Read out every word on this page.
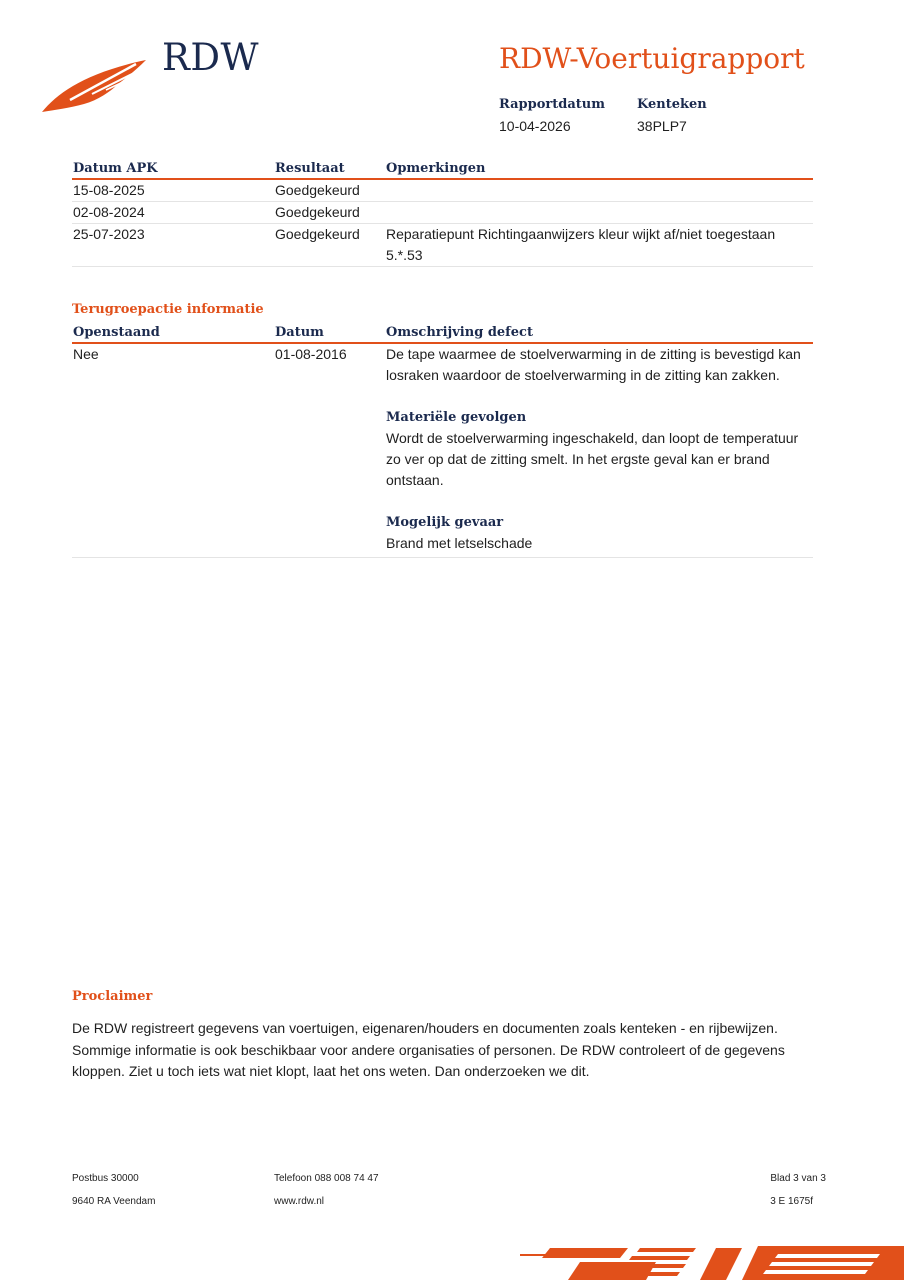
RDW	RDW-Voertuigrapport
Rapportdatum
10-04-2026
Kenteken
38PLP7
Datum APK	Resultaat	Opmerkingen
15-08-2025	Goedgekeurd	
02-08-2024	Goedgekeurd	
25-07-2023	Goedgekeurd	Reparatiepunt Richtingaanwijzers kleur wijkt af/niet toegestaan 5.*.53
Terugroepactie informatie
Openstaand	Datum	Omschrijving defect
Nee	01-08-2016	De tape waarmee de stoelverwarming in de zitting is bevestigd kan losraken waardoor de stoelverwarming in de zitting kan zakken.
Materiële gevolgen
Wordt de stoelverwarming ingeschakeld, dan loopt de temperatuur zo ver op dat de zitting smelt. In het ergste geval kan er brand ontstaan.
Mogelijk gevaar
Brand met letselschade
Proclaimer
De RDW registreert gegevens van voertuigen, eigenaren/houders en documenten zoals kenteken - en rijbewijzen. Sommige informatie is ook beschikbaar voor andere organisaties of personen. De RDW controleert of de gegevens kloppen. Ziet u toch iets wat niet klopt, laat het ons weten. Dan onderzoeken we dit.
Postbus 30000
9640 RA Veendam
Telefoon 088 008 74 47
www.rdw.nl
Blad 3 van 3
3 E 1675f
